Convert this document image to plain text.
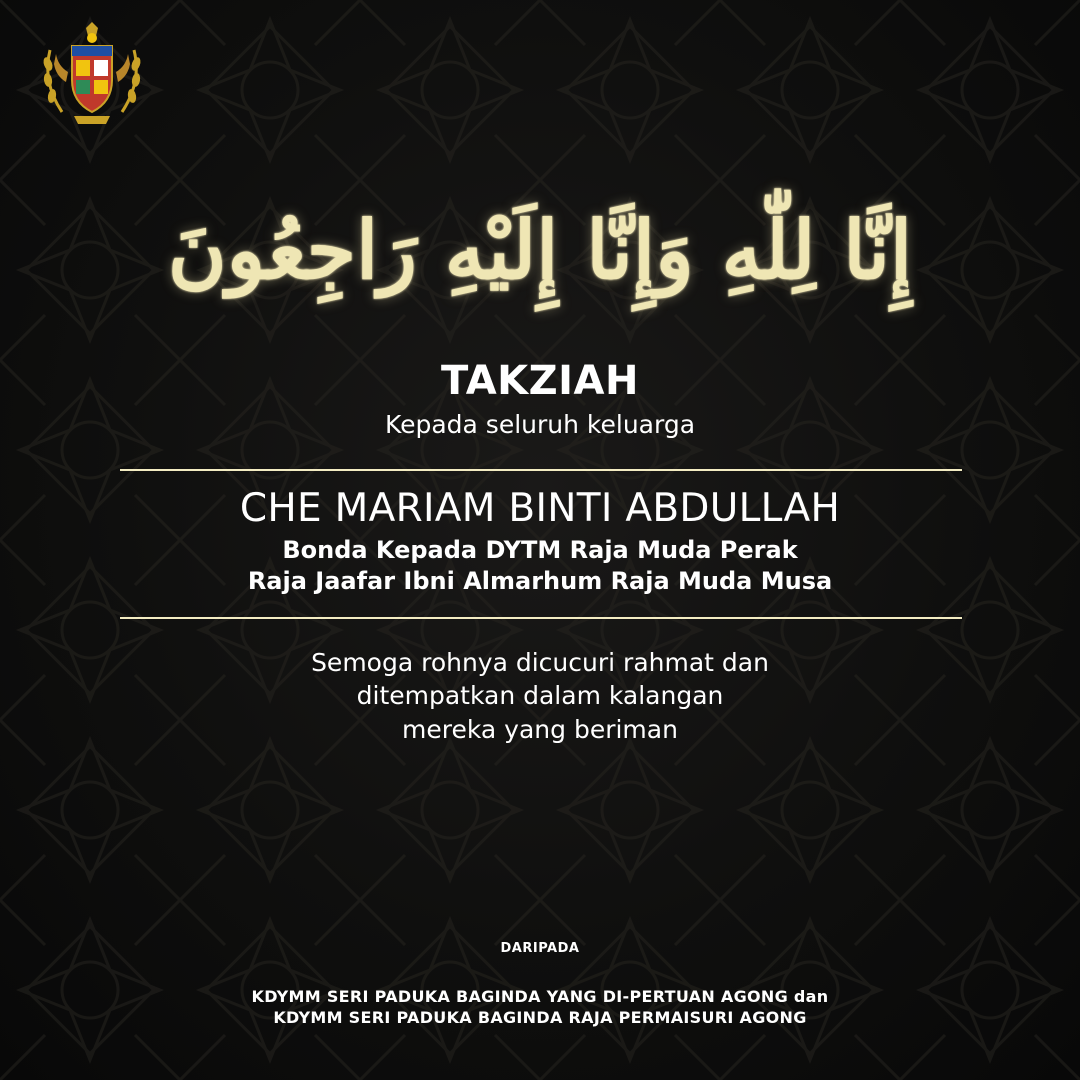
إِنَّا لِلّٰهِ وَإِنَّا إِلَيْهِ رَاجِعُونَ
TAKZIAH
Kepada seluruh keluarga
CHE MARIAM BINTI ABDULLAH
Bonda Kepada DYTM Raja Muda Perak
Raja Jaafar Ibni Almarhum Raja Muda Musa
Semoga rohnya dicucuri rahmat dan
ditempatkan dalam kalangan
mereka yang beriman
DARIPADA
KDYMM SERI PADUKA BAGINDA YANG DI-PERTUAN AGONG dan
KDYMM SERI PADUKA BAGINDA RAJA PERMAISURI AGONG
